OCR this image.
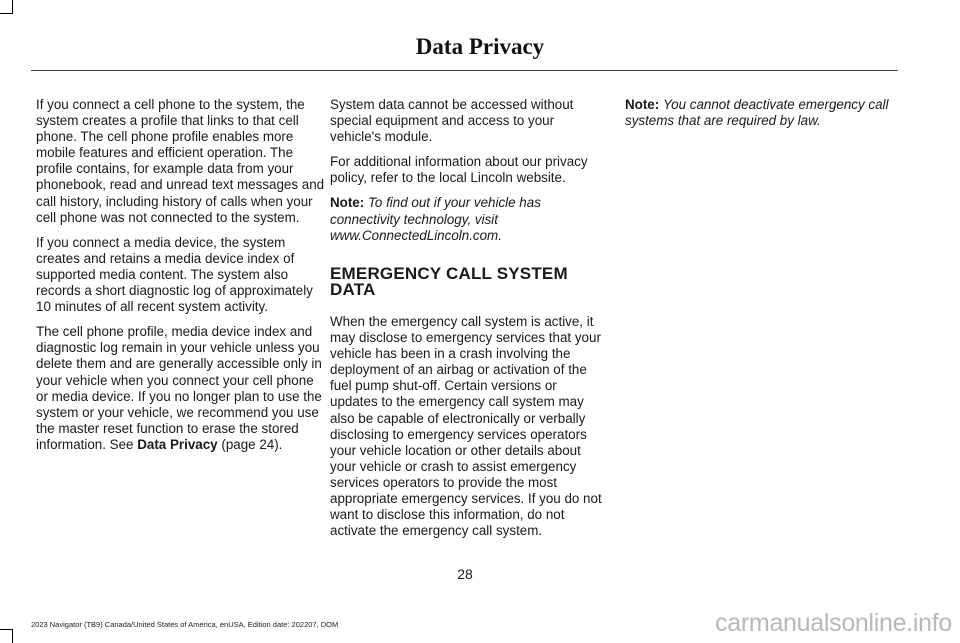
Data Privacy

If you connect a cell phone to the system, the system creates a profile that links to that cell phone. The cell phone profile enables more mobile features and efficient operation. The profile contains, for example data from your phonebook, read and unread text messages and call history, including history of calls when your cell phone was not connected to the system.

If you connect a media device, the system creates and retains a media device index of supported media content. The system also records a short diagnostic log of approximately 10 minutes of all recent system activity.

The cell phone profile, media device index and diagnostic log remain in your vehicle unless you delete them and are generally accessible only in your vehicle when you connect your cell phone or media device. If you no longer plan to use the system or your vehicle, we recommend you use the master reset function to erase the stored information. See Data Privacy (page 24).

System data cannot be accessed without special equipment and access to your vehicle's module.

For additional information about our privacy policy, refer to the local Lincoln website.

Note: To find out if your vehicle has connectivity technology, visit www.ConnectedLincoln.com.

EMERGENCY CALL SYSTEM DATA

When the emergency call system is active, it may disclose to emergency services that your vehicle has been in a crash involving the deployment of an airbag or activation of the fuel pump shut-off. Certain versions or updates to the emergency call system may also be capable of electronically or verbally disclosing to emergency services operators your vehicle location or other details about your vehicle or crash to assist emergency services operators to provide the most appropriate emergency services. If you do not want to disclose this information, do not activate the emergency call system.

Note: You cannot deactivate emergency call systems that are required by law.

28
2023 Navigator (TB9) Canada/United States of America, enUSA, Edition date: 202207, DOM	carmanualsonline.info
